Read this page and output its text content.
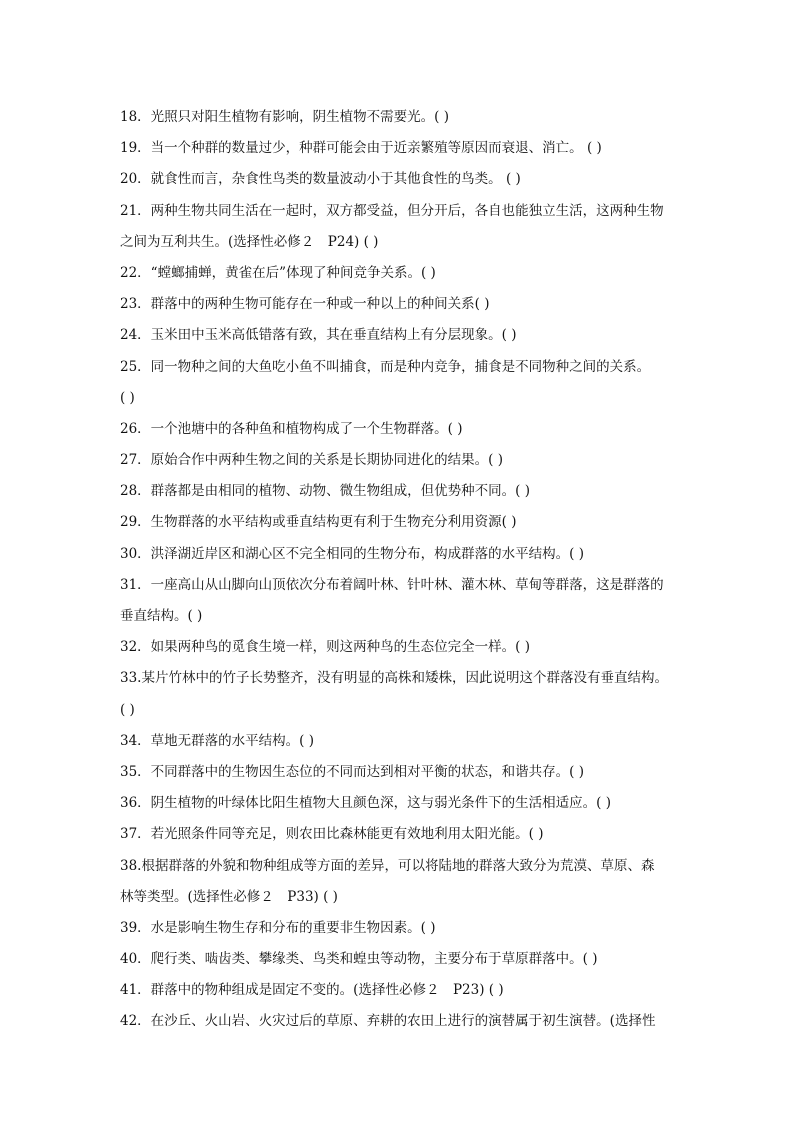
18．光照只对阳生植物有影响，阴生植物不需要光。( )
19．当一个种群的数量过少，种群可能会由于近亲繁殖等原因而衰退、消亡。 ( )
20．就食性而言，杂食性鸟类的数量波动小于其他食性的鸟类。 ( )
21．两种生物共同生活在一起时，双方都受益，但分开后，各自也能独立生活，这两种生物
之间为互利共生。(选择性必修２　P24) ( )
22．“螳螂捕蝉，黄雀在后”体现了种间竞争关系。( )
23．群落中的两种生物可能存在一种或一种以上的种间关系( )
24．玉米田中玉米高低错落有致，其在垂直结构上有分层现象。( )
25．同一物种之间的大鱼吃小鱼不叫捕食，而是种内竞争，捕食是不同物种之间的关系。
( )
26．一个池塘中的各种鱼和植物构成了一个生物群落。( )
27．原始合作中两种生物之间的关系是长期协同进化的结果。( )
28．群落都是由相同的植物、动物、微生物组成，但优势种不同。( )
29．生物群落的水平结构或垂直结构更有利于生物充分利用资源( )
30．洪泽湖近岸区和湖心区不完全相同的生物分布，构成群落的水平结构。( )
31．一座高山从山脚向山顶依次分布着阔叶林、针叶林、灌木林、草甸等群落，这是群落的
垂直结构。( )
32．如果两种鸟的觅食生境一样，则这两种鸟的生态位完全一样。( )
33.某片竹林中的竹子长势整齐，没有明显的高株和矮株，因此说明这个群落没有垂直结构。
( )
34．草地无群落的水平结构。( )
35．不同群落中的生物因生态位的不同而达到相对平衡的状态，和谐共存。( )
36．阴生植物的叶绿体比阳生植物大且颜色深，这与弱光条件下的生活相适应。( )
37．若光照条件同等充足，则农田比森林能更有效地利用太阳光能。( )
38.根据群落的外貌和物种组成等方面的差异，可以将陆地的群落大致分为荒漠、草原、森
林等类型。(选择性必修２　P33) ( )
39．水是影响生物生存和分布的重要非生物因素。( )
40．爬行类、啮齿类、攀缘类、鸟类和蝗虫等动物，主要分布于草原群落中。( )
41．群落中的物种组成是固定不变的。(选择性必修２　P23) ( )
42．在沙丘、火山岩、火灾过后的草原、弃耕的农田上进行的演替属于初生演替。(选择性
